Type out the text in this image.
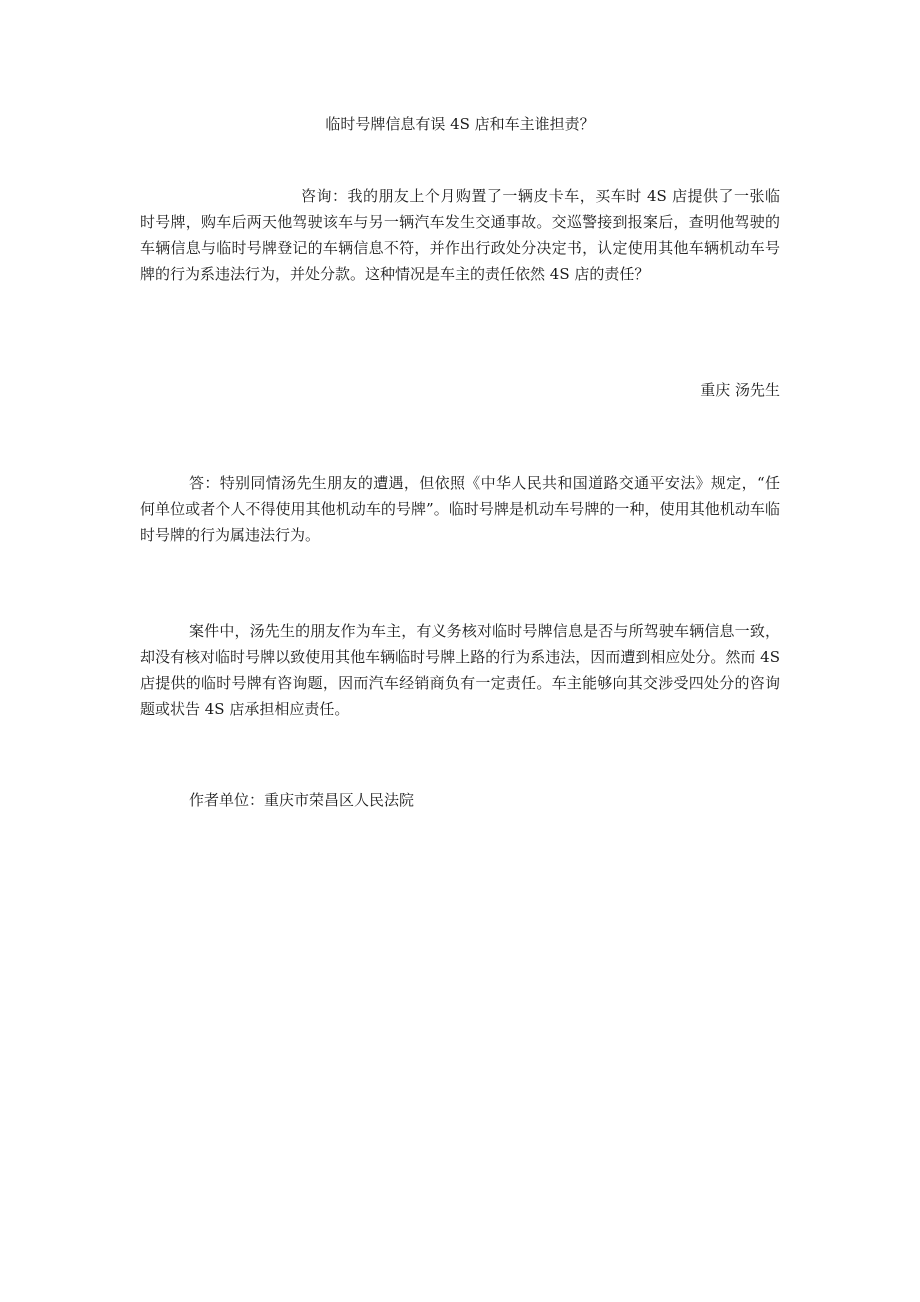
临时号牌信息有误 4S 店和车主谁担责？

咨询：我的朋友上个月购置了一辆皮卡车，买车时 4S 店提供了一张临时号牌，购车后两天他驾驶该车与另一辆汽车发生交通事故。交巡警接到报案后，查明他驾驶的车辆信息与临时号牌登记的车辆信息不符，并作出行政处分决定书，认定使用其他车辆机动车号牌的行为系违法行为，并处分款。这种情况是车主的责任依然 4S 店的责任？

重庆 汤先生

答：特别同情汤先生朋友的遭遇，但依照《中华人民共和国道路交通平安法》规定，“任何单位或者个人不得使用其他机动车的号牌”。临时号牌是机动车号牌的一种，使用其他机动车临时号牌的行为属违法行为。

案件中，汤先生的朋友作为车主，有义务核对临时号牌信息是否与所驾驶车辆信息一致，却没有核对临时号牌以致使用其他车辆临时号牌上路的行为系违法，因而遭到相应处分。然而 4S 店提供的临时号牌有咨询题，因而汽车经销商负有一定责任。车主能够向其交涉受四处分的咨询题或状告 4S 店承担相应责任。

作者单位：重庆市荣昌区人民法院
